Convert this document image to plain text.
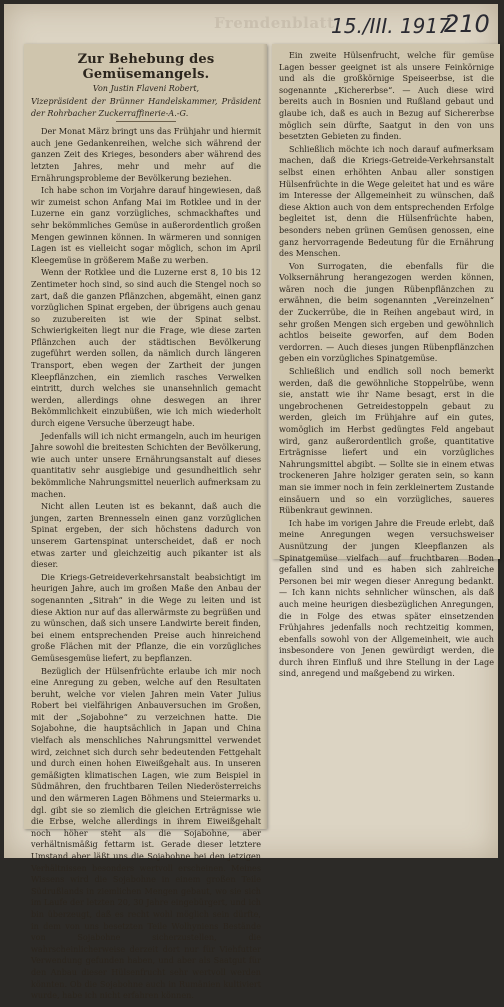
Fremdenblatt
15./III. 1917
210
Zur Behebung des Gemüsemangels.
Von Justin Flaveni Robert,

Vizepräsident der Brünner Handelskammer, Präsident der Rohrbacher Zuckerraffinerie-A.-G.

Der Monat März bringt uns das Frühjahr und hiermit auch jene Gedankenreihen, welche sich während der ganzen Zeit des Krieges, besonders aber während des letzten Jahres, mehr und mehr auf die Ernährungsprobleme der Bevölkerung beziehen.

Ich habe schon im Vorjahre darauf hingewiesen, daß wir zumeist schon Anfang Mai im Rotklee und in der Luzerne ein ganz vorzügliches, schmackhaftes und sehr bekömmliches Gemüse in außerordentlich großen Mengen gewinnen können. In wärmeren und sonnigen Lagen ist es vielleicht sogar möglich, schon im April Kleegemüse in größerem Maße zu werben.

Wenn der Rotklee und die Luzerne erst 8, 10 bis 12 Zentimeter hoch sind, so sind auch die Stengel noch so zart, daß die ganzen Pflänzchen, abgemäht, einen ganz vorzüglichen Spinat ergeben, der übrigens auch genau so zuzubereiten ist wie der Spinat selbst. Schwierigkeiten liegt nur die Frage, wie diese zarten Pflänzchen auch der städtischen Bevölkerung zugeführt werden sollen, da nämlich durch längeren Transport, eben wegen der Zartheit der jungen Kleepflänzchen, ein ziemlich rasches Verwelken eintritt, durch welches sie unansehnlich gemacht werden, allerdings ohne deswegen an ihrer Bekömmlichkeit einzubüßen, wie ich mich wiederholt durch eigene Versuche überzeugt habe.

Jedenfalls will ich nicht ermangeln, auch im heurigen Jahre sowohl die breitesten Schichten der Bevölkerung, wie auch unter unsere Ernährungsanstalt auf dieses quantitativ sehr ausgiebige und gesundheitlich sehr bekömmliche Nahrungsmittel neuerlich aufmerksam zu machen.

Nicht allen Leuten ist es bekannt, daß auch die jungen, zarten Brennesseln einen ganz vorzüglichen Spinat ergeben, der sich höchstens dadurch von unserem Gartenspinat unterscheidet, daß er noch etwas zarter und gleichzeitig auch pikanter ist als dieser.

Die Kriegs-Getreideverkehrsanstalt beabsichtigt im heurigen Jahre, auch im großen Maße den Anbau der sogenannten „Sitrah“ in die Wege zu leiten und ist diese Aktion nur auf das allerwärmste zu begrüßen und zu wünschen, daß sich unsere Landwirte bereit finden, bei einem entsprechenden Preise auch hinreichend große Flächen mit der Pflanze, die ein vorzügliches Gemüsesgemüse liefert, zu bepflanzen.

Bezüglich der Hülsenfrüchte erlaube ich mir noch eine Anregung zu geben, welche auf den Resultaten beruht, welche vor vielen Jahren mein Vater Julius Robert bei vielfährigen Anbauversuchen im Großen, mit der „Sojabohne“ zu verzeichnen hatte. Die Sojabohne, die hauptsächlich in Japan und China vielfach als menschliches Nahrungsmittel verwendet wird, zeichnet sich durch sehr bedeutenden Fettgehalt und durch einen hohen Eiweißgehalt aus. In unseren gemäßigten klimatischen Lagen, wie zum Beispiel in Südmähren, den fruchtbaren Teilen Niederösterreichs und den wärmeren Lagen Böhmens und Steiermarks u. dgl. gibt sie so ziemlich die gleichen Erträgnisse wie die Erbse, welche allerdings in ihrem Eiweißgehalt noch höher steht als die Sojabohne, aber verhältnismäßig fettarm ist. Gerade dieser letztere Umstand aber läßt uns die Sojabohne bei den jetzigen Verhältnissen besonders wertvoll erscheinen. Meines Wissens wird die Sojabohne in einem großen Teile Südrußlands in ziemlichen Mengen gebaut, wo sie sich im Laufe der letzten 20, 30 Jahre eingebürgert, und ich bin überzeugt, daß es recht wohl möglich sein dürfte, in dem von uns besetzten Teile Wolhyniens Bestände von Sojabohne sicherzustellen, die wahrscheinlicherweise derzeit dort nur für Viehfutter Verwendung gefunden haben, und aber als Saatgut für den Anbau dieser Hülsenfrucht sehr wertvoll werden könnten. Ob die Sojabohne auch in Rumänien kultiviert wurde, habe ich nicht erfahren können.

Ein zweite Hülsenfrucht, welche für gemüse Lagen besser geeignet ist als unsere Feinkörnige und als die großkörnige Speiseerbse, ist die sogenannte „Kichererbse“. — Auch diese wird bereits auch in Bosnien und Rußland gebaut und glaube ich, daß es auch in Bezug auf Sichererbse möglich sein dürfte, Saatgut in den von uns besetzten Gebieten zu finden.

Schließlich möchte ich noch darauf aufmerksam machen, daß die Kriegs-Getreide-Verkehrsanstalt selbst einen erhöhten Anbau aller sonstigen Hülsenfrüchte in die Wege geleitet hat und es wäre im Interesse der Allgemeinheit zu wünschen, daß diese Aktion auch von dem entsprechenden Erfolge begleitet ist, denn die Hülsenfrüchte haben, besonders neben grünen Gemüsen genossen, eine ganz hervorragende Bedeutung für die Ernährung des Menschen.

Von Surrogaten, die ebenfalls für die Volksernährung herangezogen werden können, wären noch die jungen Rübenpflänzchen zu erwähnen, die beim sogenannten „Vereinzelnen“ der Zuckerrübe, die in Reihen angebaut wird, in sehr großen Mengen sich ergeben und gewöhnlich achtlos beiseite geworfen, auf dem Boden verdorren. — Auch dieses jungen Rübenpflänzchen geben ein vorzügliches Spinatgemüse.

Schließlich und endlich soll noch bemerkt werden, daß die gewöhnliche Stoppelrübe, wenn sie, anstatt wie ihr Name besagt, erst in die ungebrochenen Getreidestoppeln gebaut zu werden, gleich im Frühjahre auf ein gutes, womöglich im Herbst gedüngtes Feld angebaut wird, ganz außerordentlich große, quantitative Erträgnisse liefert und ein vorzügliches Nahrungsmittel abgibt. — Sollte sie in einem etwas trockeneren Jahre holziger geraten sein, so kann man sie immer noch in fein zerkleinertem Zustande einsäuern und so ein vorzügliches, saueres Rübenkraut gewinnen.

Ich habe im vorigen Jahre die Freude erlebt, daß meine Anregungen wegen versuchsweiser Ausnützung der jungen Kleepflanzen als Spinatgemüse vielfach auf fruchtbaren Boden gefallen sind und es haben sich zahlreiche Personen bei mir wegen dieser Anregung bedankt. — Ich kann nichts sehnlicher wünschen, als daß auch meine heurigen diesbezüglichen Anregungen, die in Folge des etwas später einsetzenden Frühjahres jedenfalls noch rechtzeitig kommen, ebenfalls sowohl von der Allgemeinheit, wie auch insbesondere von Jenen gewürdigt werden, die durch ihren Einfluß und ihre Stellung in der Lage sind, anregend und maßgebend zu wirken.
